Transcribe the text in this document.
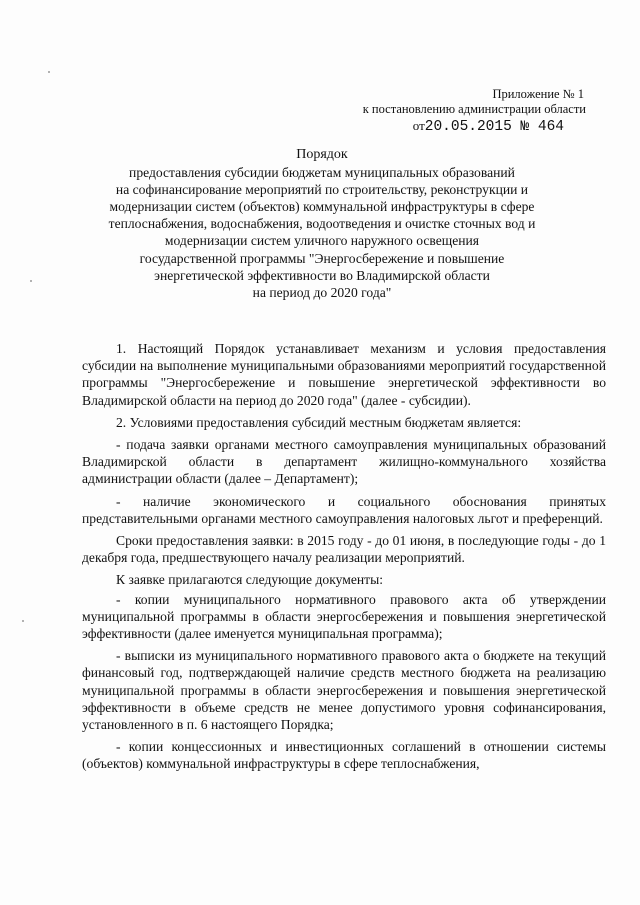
Приложение № 1
к постановлению администрации области
от20.05.2015 № 464
Порядок
предоставления субсидии бюджетам муниципальных образований
на софинансирование мероприятий по строительству, реконструкции и
модернизации систем (объектов) коммунальной инфраструктуры в сфере
теплоснабжения, водоснабжения, водоотведения и очистке сточных вод и
модернизации систем уличного наружного освещения
государственной программы "Энергосбережение и повышение
энергетической эффективности во Владимирской области
на период до 2020 года"

1. Настоящий Порядок устанавливает механизм и условия предоставления субсидии на выполнение муниципальными образованиями мероприятий государственной программы "Энергосбережение и повышение энергетической эффективности во Владимирской области на период до 2020 года" (далее - субсидии).

2. Условиями предоставления субсидий местным бюджетам является:

- подача заявки органами местного самоуправления муниципальных образований Владимирской области в департамент жилищно-коммунального хозяйства администрации области (далее – Департамент);

- наличие экономического и социального обоснования принятых представительными органами местного самоуправления налоговых льгот и преференций.

Сроки предоставления заявки: в 2015 году - до 01 июня, в последующие годы - до 1 декабря года, предшествующего началу реализации мероприятий.

К заявке прилагаются следующие документы:

- копии муниципального нормативного правового акта об утверждении муниципальной программы в области энергосбережения и повышения энергетической эффективности (далее именуется муниципальная программа);

- выписки из муниципального нормативного правового акта о бюджете на текущий финансовый год, подтверждающей наличие средств местного бюджета на реализацию муниципальной программы в области энергосбережения и повышения энергетической эффективности в объеме средств не менее допустимого уровня софинансирования, установленного в п. 6 настоящего Порядка;

- копии концессионных и инвестиционных соглашений в отношении системы (объектов) коммунальной инфраструктуры в сфере теплоснабжения,
